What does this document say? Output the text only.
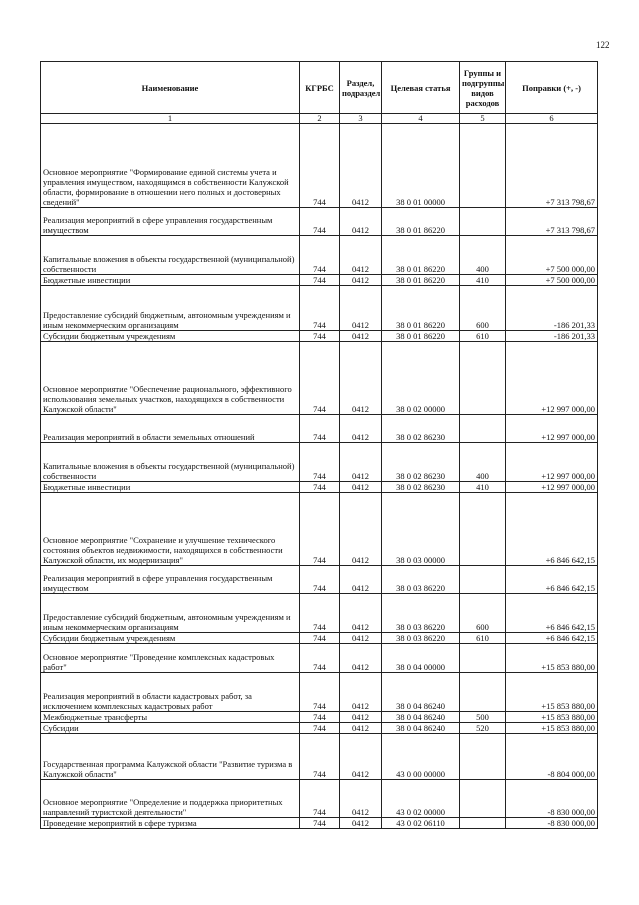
122
Наименование	КГРБС	Раздел, подраздел	Целевая статья	Группы и подгруппы видов расходов	Поправки (+, -)
1	2	3	4	5	6
Основное мероприятие "Формирование единой системы учета и управления имуществом, находящимся в собственности Калужской области, формирование в отношении него полных и достоверных сведений"	744	0412	38 0 01 00000		+7 313 798,67
Реализация мероприятий в сфере управления государственным имуществом	744	0412	38 0 01 86220		+7 313 798,67
Капитальные вложения в объекты государственной (муниципальной) собственности	744	0412	38 0 01 86220	400	+7 500 000,00
Бюджетные инвестиции	744	0412	38 0 01 86220	410	+7 500 000,00
Предоставление субсидий бюджетным, автономным учреждениям и иным некоммерческим организациям	744	0412	38 0 01 86220	600	-186 201,33
Субсидии бюджетным учреждениям	744	0412	38 0 01 86220	610	-186 201,33
Основное мероприятие "Обеспечение рационального, эффективного использования земельных участков, находящихся в собственности Калужской области"	744	0412	38 0 02 00000		+12 997 000,00
Реализация мероприятий в области земельных отношений	744	0412	38 0 02 86230		+12 997 000,00
Капитальные вложения в объекты государственной (муниципальной) собственности	744	0412	38 0 02 86230	400	+12 997 000,00
Бюджетные инвестиции	744	0412	38 0 02 86230	410	+12 997 000,00
Основное мероприятие "Сохранение и улучшение технического состояния объектов недвижимости, находящихся в собственности Калужской области, их модернизация"	744	0412	38 0 03 00000		+6 846 642,15
Реализация мероприятий в сфере управления государственным имуществом	744	0412	38 0 03 86220		+6 846 642,15
Предоставление субсидий бюджетным, автономным учреждениям и иным некоммерческим организациям	744	0412	38 0 03 86220	600	+6 846 642,15
Субсидии бюджетным учреждениям	744	0412	38 0 03 86220	610	+6 846 642,15
Основное мероприятие "Проведение комплексных кадастровых работ"	744	0412	38 0 04 00000		+15 853 880,00
Реализация мероприятий в области кадастровых работ, за исключением комплексных кадастровых работ	744	0412	38 0 04 86240		+15 853 880,00
Межбюджетные трансферты	744	0412	38 0 04 86240	500	+15 853 880,00
Субсидии	744	0412	38 0 04 86240	520	+15 853 880,00
Государственная программа Калужской области "Развитие туризма в Калужской области"	744	0412	43 0 00 00000		-8 804 000,00
Основное мероприятие "Определение и поддержка приоритетных направлений туристской деятельности"	744	0412	43 0 02 00000		-8 830 000,00
Проведение мероприятий в сфере туризма	744	0412	43 0 02 06110		-8 830 000,00
